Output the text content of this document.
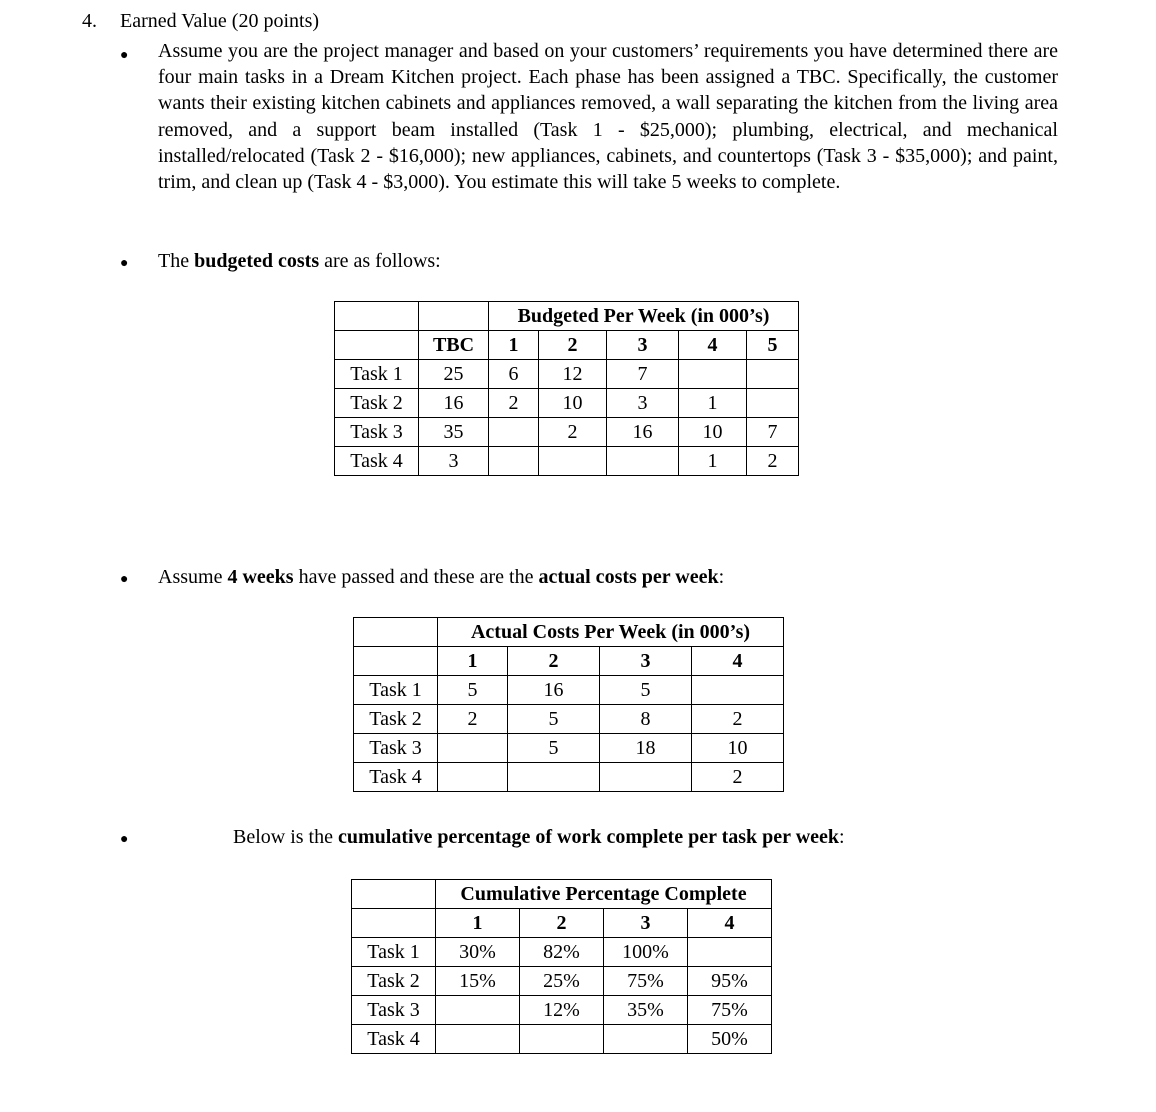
4. Earned Value (20 points)
● Assume you are the project manager and based on your customers’ requirements you have determined there are four main tasks in a Dream Kitchen project. Each phase has been assigned a TBC. Specifically, the customer wants their existing kitchen cabinets and appliances removed, a wall separating the kitchen from the living area removed, and a support beam installed (Task 1 - $25,000); plumbing, electrical, and mechanical installed/relocated (Task 2 - $16,000); new appliances, cabinets, and countertops (Task 3 - $35,000); and paint, trim, and clean up (Task 4 - $3,000). You estimate this will take 5 weeks to complete.
● The budgeted costs are as follows:
		Budgeted Per Week (in 000’s)				
	TBC	1	2	3	4	5
Task 1	25	6	12	7		
Task 2	16	2	10	3	1	
Task 3	35		2	16	10	7
Task 4	3				1	2
● Assume 4 weeks have passed and these are the actual costs per week:
	Actual Costs Per Week (in 000’s)			
	1	2	3	4
Task 1	5	16	5	
Task 2	2	5	8	2
Task 3		5	18	10
Task 4				2
●	Below is the cumulative percentage of work complete per task per week:
	Cumulative Percentage Complete			
	1	2	3	4
Task 1	30%	82%	100%	
Task 2	15%	25%	75%	95%
Task 3		12%	35%	75%
Task 4				50%
